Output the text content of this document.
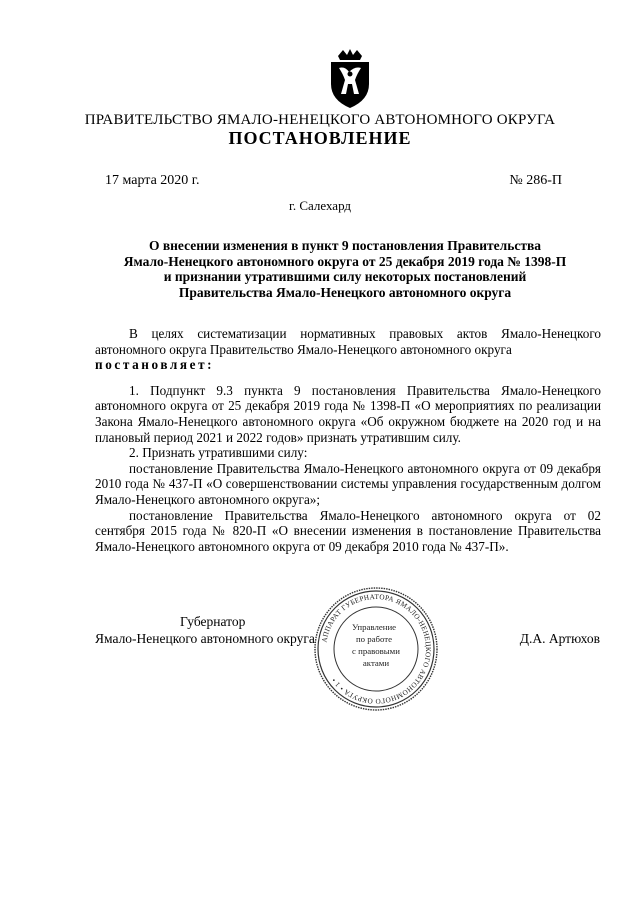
ПРАВИТЕЛЬСТВО ЯМАЛО-НЕНЕЦКОГО АВТОНОМНОГО ОКРУГА
ПОСТАНОВЛЕНИЕ
17 марта 2020 г.	№ 286-П
г. Салехард
О внесении изменения в пункт 9 постановления Правительства
Ямало-Ненецкого автономного округа от 25 декабря 2019 года № 1398-П
и признании утратившими силу некоторых постановлений
Правительства Ямало-Ненецкого автономного округа

В целях систематизации нормативных правовых актов Ямало-Ненецкого автономного округа Правительство Ямало-Ненецкого автономного округа

постановляет:

1. Подпункт 9.3 пункта 9 постановления Правительства Ямало-Ненецкого автономного округа от 25 декабря 2019 года № 1398-П «О мероприятиях по реализации Закона Ямало-Ненецкого автономного округа «Об окружном бюджете на 2020 год и на плановый период 2021 и 2022 годов» признать утратившим силу.

2. Признать утратившими силу:

постановление Правительства Ямало-Ненецкого автономного округа от 09 декабря 2010 года № 437-П «О совершенствовании системы управления государственным долгом Ямало-Ненецкого автономного округа»;

постановление Правительства Ямало-Ненецкого автономного округа от 02 сентября 2015 года № 820-П «О внесении изменения в постановление Правительства Ямало-Ненецкого автономного округа от 09 декабря 2010 года № 437-П».

Губернатор
Ямало-Ненецкого автономного округа	Д.А. Артюхов
АППАРАТ ГУБЕРНАТОРА ЯМАЛО-НЕНЕЦКОГО АВТОНОМНОГО ОКРУГА • 1 •
Управление
по работе
с правовыми
актами
